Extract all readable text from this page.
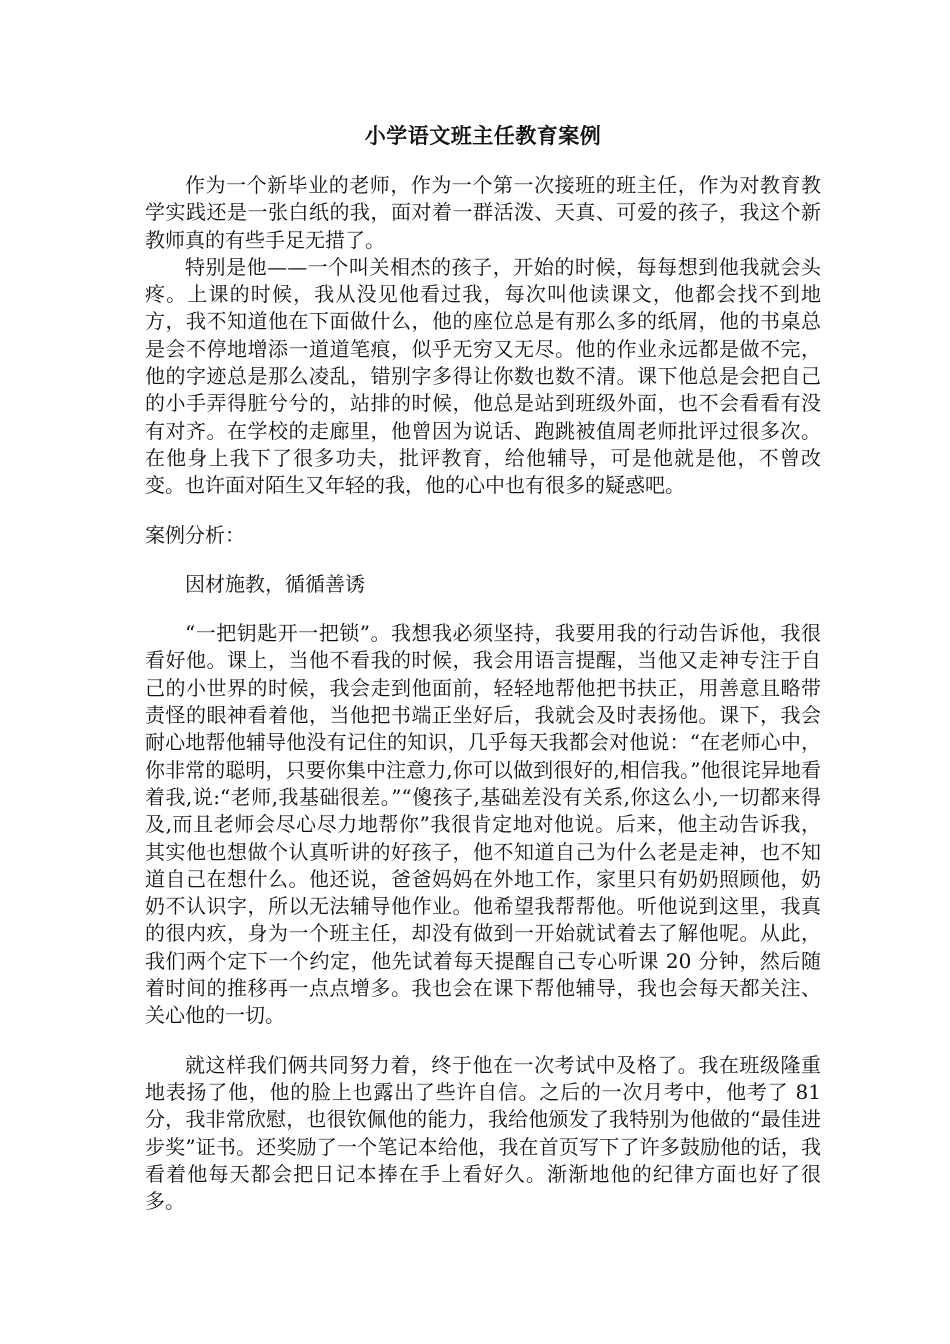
小学语文班主任教育案例

作为一个新毕业的老师，作为一个第一次接班的班主任，作为对教育教学实践还是一张白纸的我，面对着一群活泼、天真、可爱的孩子，我这个新教师真的有些手足无措了。

特别是他——一个叫关相杰的孩子，开始的时候，每每想到他我就会头疼。上课的时候，我从没见他看过我，每次叫他读课文，他都会找不到地方，我不知道他在下面做什么，他的座位总是有那么多的纸屑，他的书桌总是会不停地增添一道道笔痕，似乎无穷又无尽。他的作业永远都是做不完，他的字迹总是那么凌乱，错别字多得让你数也数不清。课下他总是会把自己的小手弄得脏兮兮的，站排的时候，他总是站到班级外面，也不会看看有没有对齐。在学校的走廊里，他曾因为说话、跑跳被值周老师批评过很多次。在他身上我下了很多功夫，批评教育，给他辅导，可是他就是他，不曾改变。也许面对陌生又年轻的我，他的心中也有很多的疑惑吧。

案例分析：

因材施教，循循善诱

“一把钥匙开一把锁”。我想我必须坚持，我要用我的行动告诉他，我很看好他。课上，当他不看我的时候，我会用语言提醒，当他又走神专注于自己的小世界的时候，我会走到他面前，轻轻地帮他把书扶正，用善意且略带责怪的眼神看着他，当他把书端正坐好后，我就会及时表扬他。课下，我会耐心地帮他辅导他没有记住的知识，几乎每天我都会对他说：“在老师心中，你非常的聪明，只要你集中注意力,你可以做到很好的,相信我。”他很诧异地看着我,说:“老师,我基础很差。”“傻孩子,基础差没有关系,你这么小,一切都来得及,而且老师会尽心尽力地帮你”我很肯定地对他说。后来，他主动告诉我，其实他也想做个认真听讲的好孩子，他不知道自己为什么老是走神，也不知道自己在想什么。他还说，爸爸妈妈在外地工作，家里只有奶奶照顾他，奶奶不认识字，所以无法辅导他作业。他希望我帮帮他。听他说到这里，我真的很内疚，身为一个班主任，却没有做到一开始就试着去了解他呢。从此，我们两个定下一个约定，他先试着每天提醒自己专心听课 20 分钟，然后随着时间的推移再一点点增多。我也会在课下帮他辅导，我也会每天都关注、关心他的一切。

就这样我们俩共同努力着，终于他在一次考试中及格了。我在班级隆重地表扬了他，他的脸上也露出了些许自信。之后的一次月考中，他考了 81 分，我非常欣慰，也很钦佩他的能力，我给他颁发了我特别为他做的“最佳进步奖”证书。还奖励了一个笔记本给他，我在首页写下了许多鼓励他的话，我看着他每天都会把日记本捧在手上看好久。渐渐地他的纪律方面也好了很多。
